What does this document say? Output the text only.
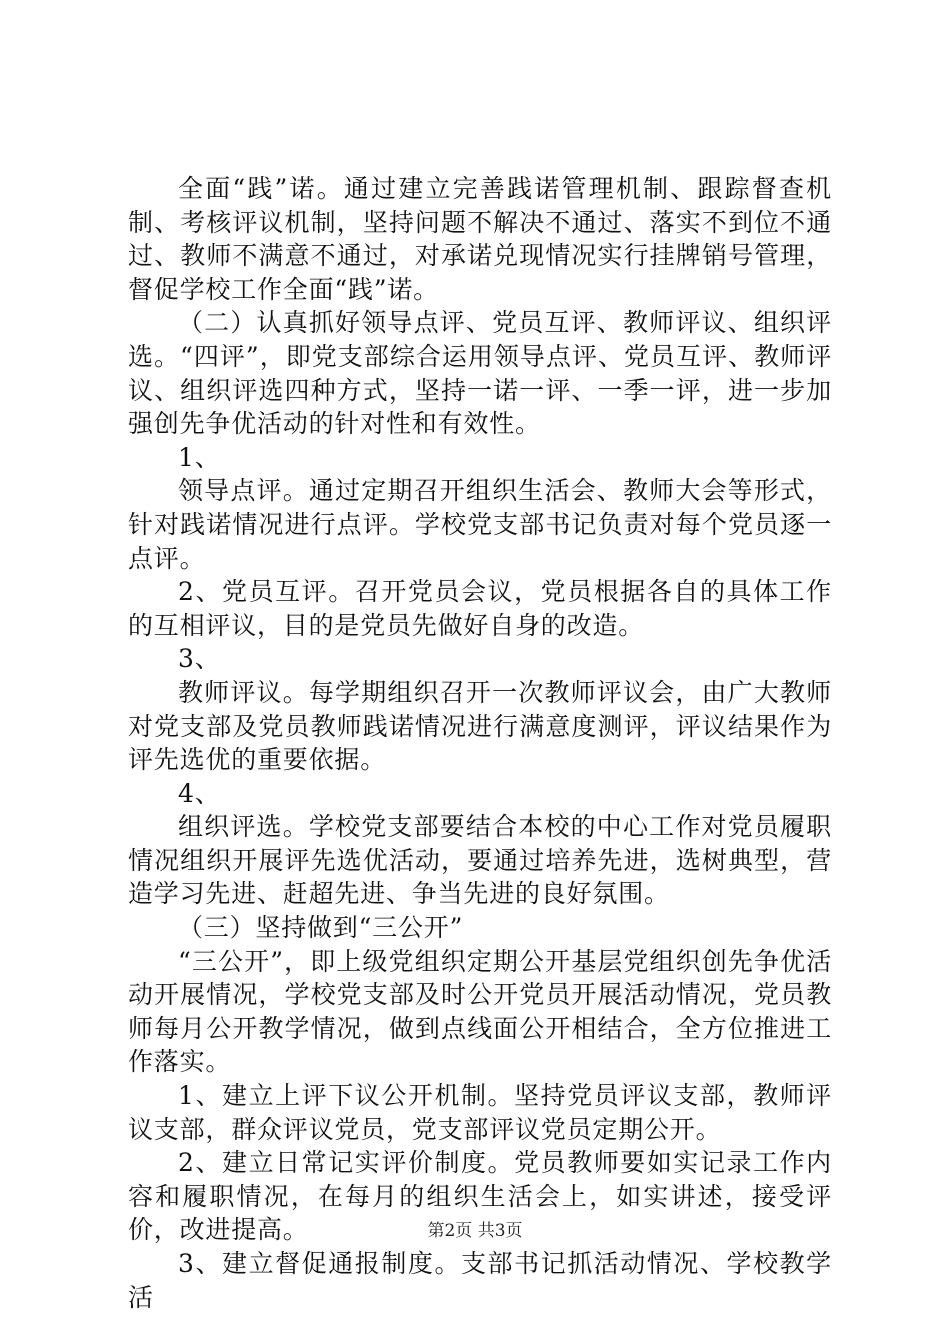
全面“践”诺。通过建立完善践诺管理机制、跟踪督查机制、考核评议机制，坚持问题不解决不通过、落实不到位不通过、教师不满意不通过，对承诺兑现情况实行挂牌销号管理，督促学校工作全面“践”诺。

（二）认真抓好领导点评、党员互评、教师评议、组织评选。“四评”，即党支部综合运用领导点评、党员互评、教师评议、组织评选四种方式，坚持一诺一评、一季一评，进一步加强创先争优活动的针对性和有效性。

1、

领导点评。通过定期召开组织生活会、教师大会等形式，针对践诺情况进行点评。学校党支部书记负责对每个党员逐一点评。

2、党员互评。召开党员会议，党员根据各自的具体工作的互相评议，目的是党员先做好自身的改造。

3、

教师评议。每学期组织召开一次教师评议会，由广大教师对党支部及党员教师践诺情况进行满意度测评，评议结果作为评先选优的重要依据。

4、

组织评选。学校党支部要结合本校的中心工作对党员履职情况组织开展评先选优活动，要通过培养先进，选树典型，营造学习先进、赶超先进、争当先进的良好氛围。

（三）坚持做到“三公开”

“三公开”，即上级党组织定期公开基层党组织创先争优活动开展情况，学校党支部及时公开党员开展活动情况，党员教师每月公开教学情况，做到点线面公开相结合，全方位推进工作落实。

1、建立上评下议公开机制。坚持党员评议支部，教师评议支部，群众评议党员，党支部评议党员定期公开。

2、建立日常记实评价制度。党员教师要如实记录工作内容和履职情况，在每月的组织生活会上，如实讲述，接受评价，改进提高。

3、建立督促通报制度。支部书记抓活动情况、学校教学活

第2页 共3页
